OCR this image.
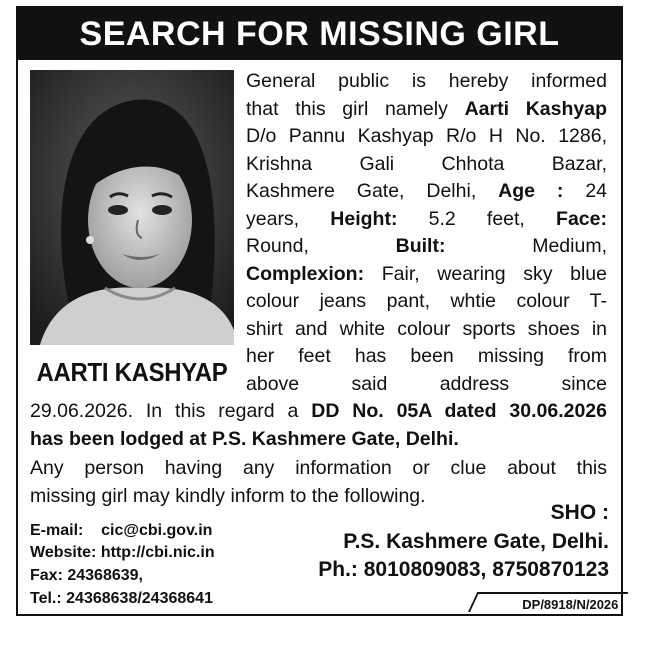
SEARCH FOR MISSING GIRL
AARTI KASHYAP
General public is hereby informed
that this girl namely Aarti Kashyap
D/o Pannu Kashyap R/o H No. 1286,
Krishna Gali Chhota Bazar,
Kashmere Gate, Delhi, Age : 24
years, Height: 5.2 feet, Face:
Round, Built: Medium,
Complexion: Fair, wearing sky blue
colour jeans pant, whtie colour T-
shirt and white colour sports shoes in
her feet has been missing from
above said address since
29.06.2026. In this regard a DD No. 05A dated 30.06.2026
has been lodged at P.S. Kashmere Gate, Delhi.
Any person having any information or clue about this
missing girl may kindly inform to the following.
E-mail: cic@cbi.gov.in
Website: http://cbi.nic.in
Fax: 24368639,
Tel.: 24368638/24368641
SHO :
P.S. Kashmere Gate, Delhi.
Ph.: 8010809083, 8750870123
DP/8918/N/2026
